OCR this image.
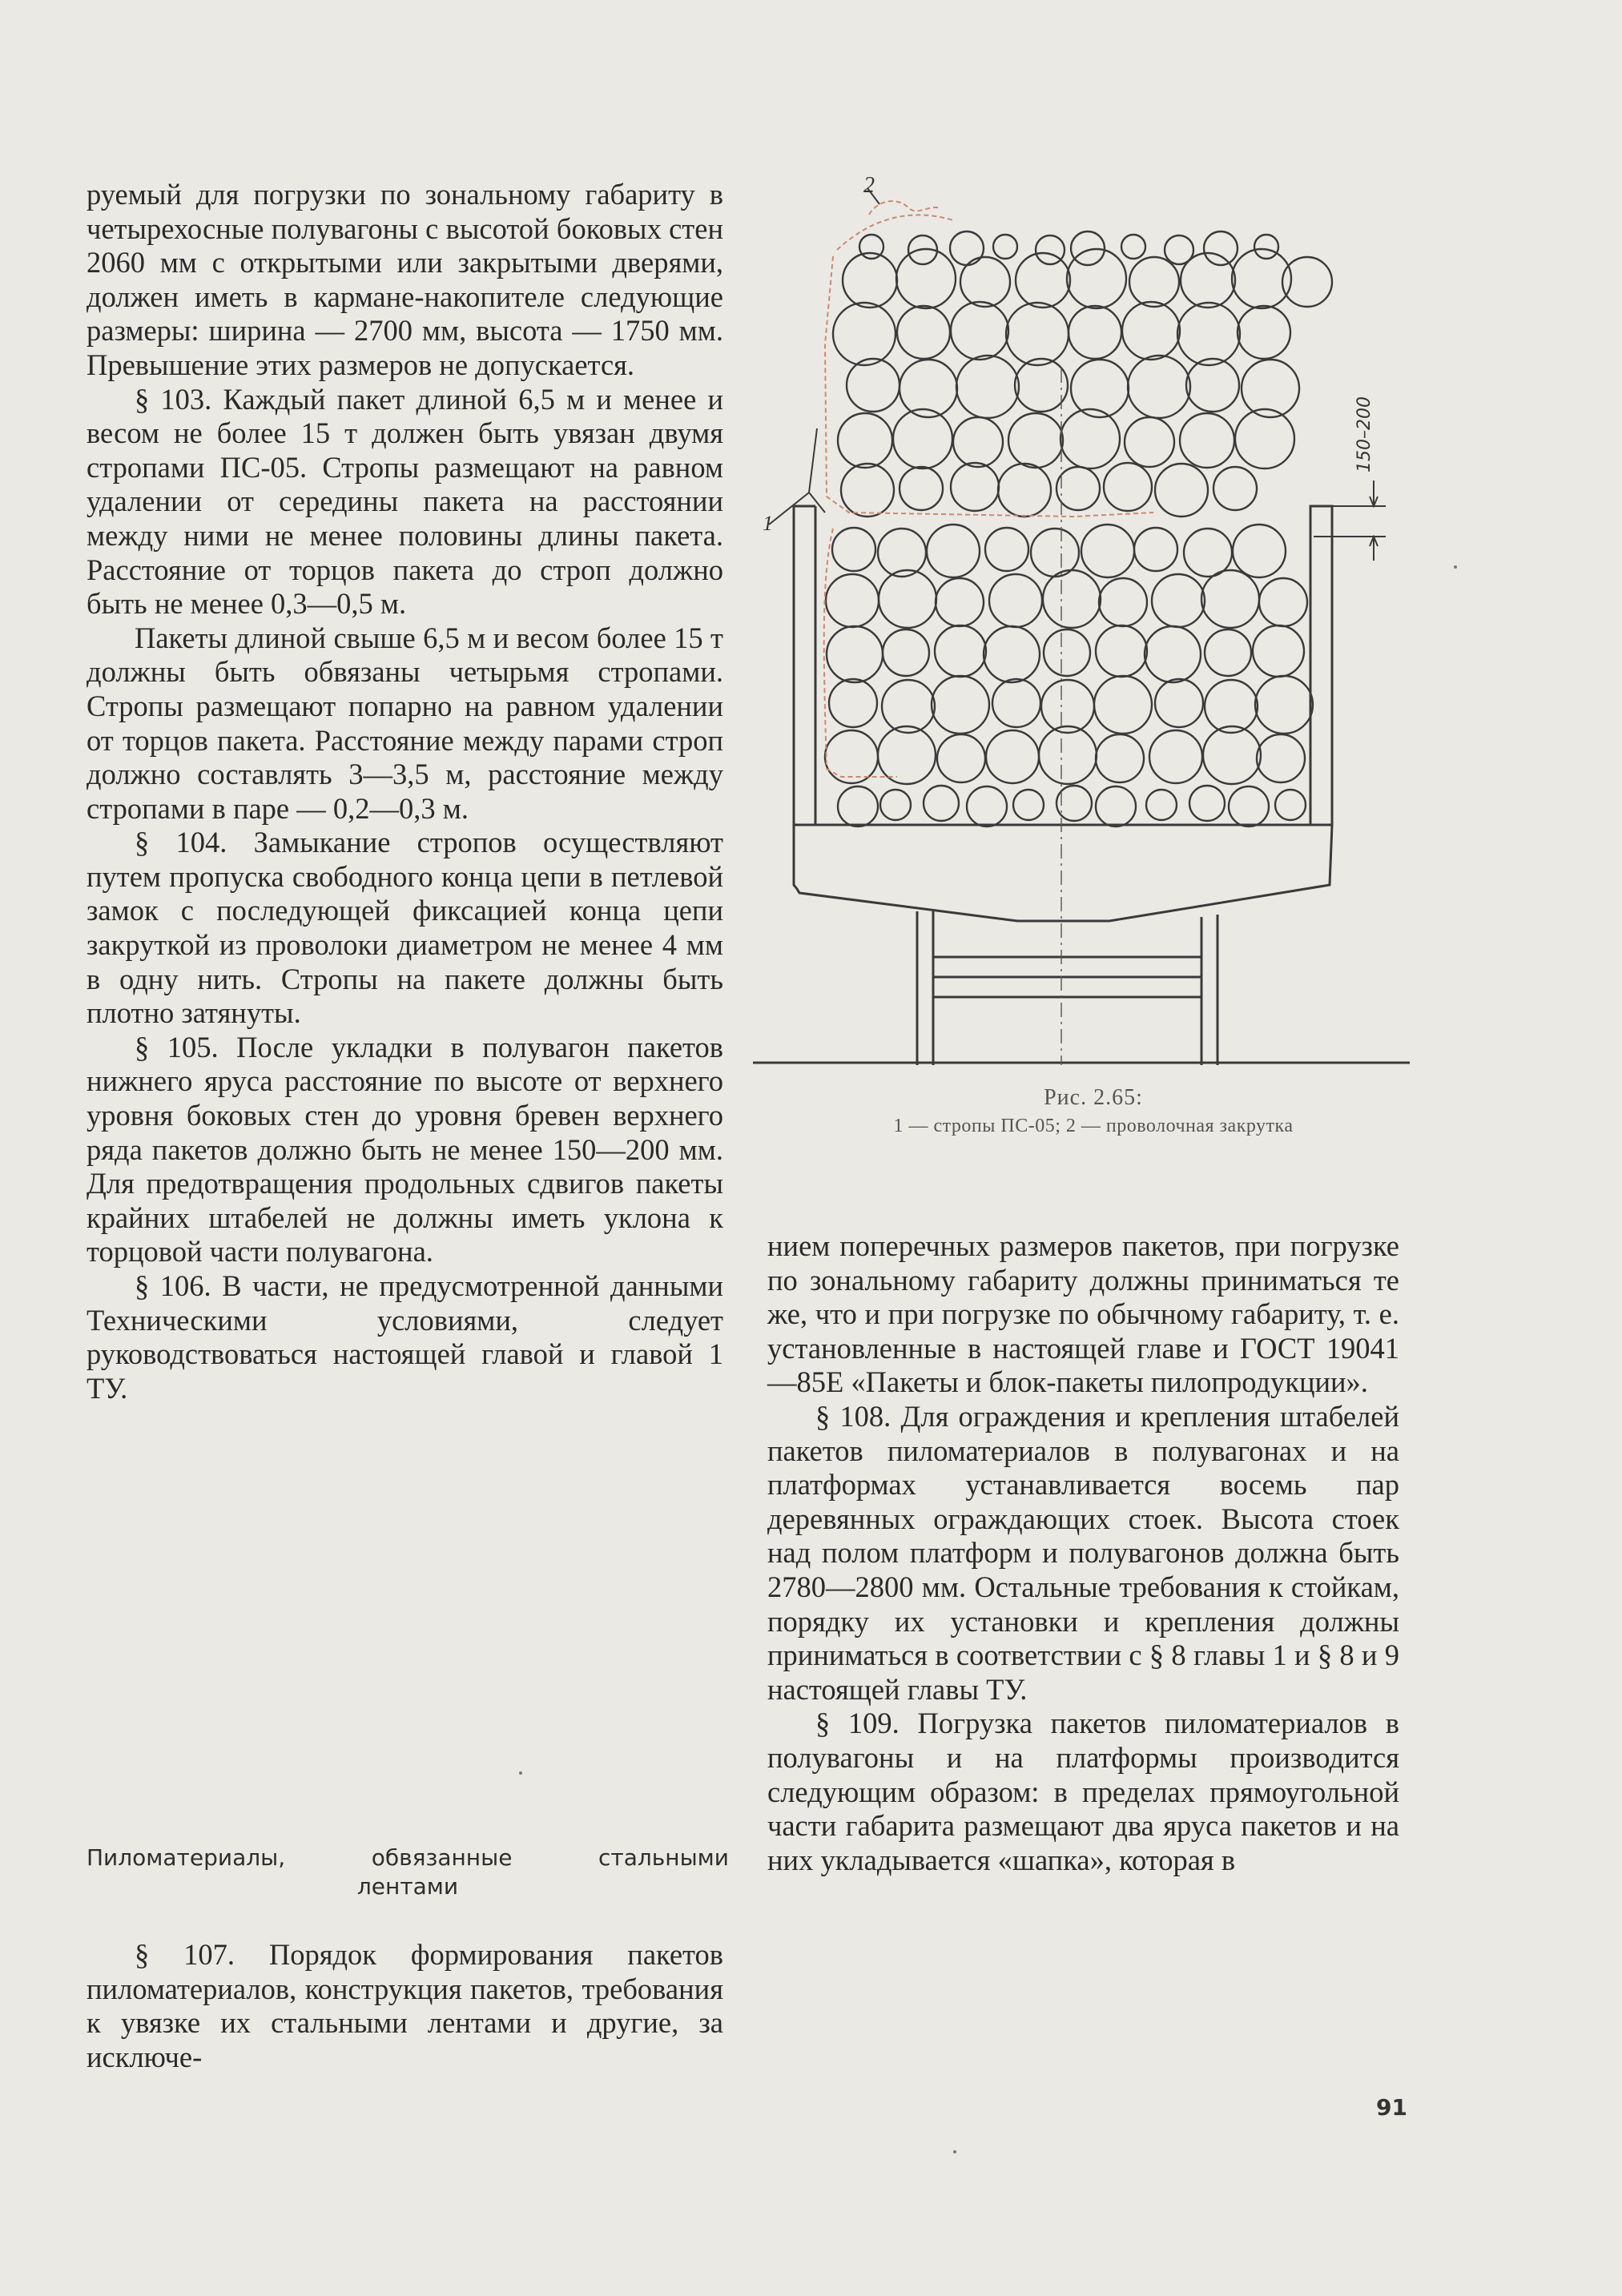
руемый для погрузки по зональному габариту в четырехосные полувагоны с высотой боковых стен 2060 мм с открытыми или закрытыми дверями, должен иметь в кармане-накопителе следующие размеры: ширина — 2700 мм, высота — 1750 мм. Превышение этих размеров не допускается.

§ 103. Каждый пакет длиной 6,5 м и менее и весом не более 15 т должен быть увязан двумя стропами ПС-05. Стропы размещают на равном удалении от середины пакета на расстоянии между ними не менее половины длины пакета. Расстояние от торцов пакета до строп должно быть не менее 0,3—0,5 м.

Пакеты длиной свыше 6,5 м и весом более 15 т должны быть обвязаны четырьмя стропами. Стропы размещают попарно на равном удалении от торцов пакета. Расстояние между парами строп должно составлять 3—3,5 м, расстояние между стропами в паре — 0,2—0,3 м.

§ 104. Замыкание стропов осуществляют путем пропуска свободного конца цепи в петлевой замок с последующей фиксацией конца цепи закруткой из проволоки диаметром не менее 4 мм в одну нить. Стропы на пакете должны быть плотно затянуты.

§ 105. После укладки в полувагон пакетов нижнего яруса расстояние по высоте от верхнего уровня боковых стен до уровня бревен верхнего ряда пакетов должно быть не менее 150—200 мм. Для предотвращения продольных сдвигов пакеты крайних штабелей не должны иметь уклона к торцовой части полувагона.

§ 106. В части, не предусмотренной данными Техническими условиями, следует руководствоваться настоящей главой и главой 1 ТУ.

Пиломатериалы, обвязанные стальными
лентами

§ 107. Порядок формирования пакетов пиломатериалов, конструкция пакетов, требования к увязке их стальными лентами и другие, за исключе-

1
2
150–200
Рис. 2.65:
1 — стропы ПС-05; 2 — проволочная закрутка

нием поперечных размеров пакетов, при погрузке по зональному габариту должны приниматься те же, что и при погрузке по обычному габариту, т. е. установленные в настоящей главе и ГОСТ 19041—85Е «Пакеты и блок-пакеты пилопродукции».

§ 108. Для ограждения и крепления штабелей пакетов пиломатериалов в полувагонах и на платформах устанавливается восемь пар деревянных ограждающих стоек. Высота стоек над полом платформ и полувагонов должна быть 2780—2800 мм. Остальные требования к стойкам, порядку их установки и крепления должны приниматься в соответствии с § 8 главы 1 и § 8 и 9 настоящей главы ТУ.

§ 109. Погрузка пакетов пиломатериалов в полувагоны и на платформы производится следующим образом: в пределах прямоугольной части габарита размещают два яруса пакетов и на них укладывается «шапка», которая в

91
